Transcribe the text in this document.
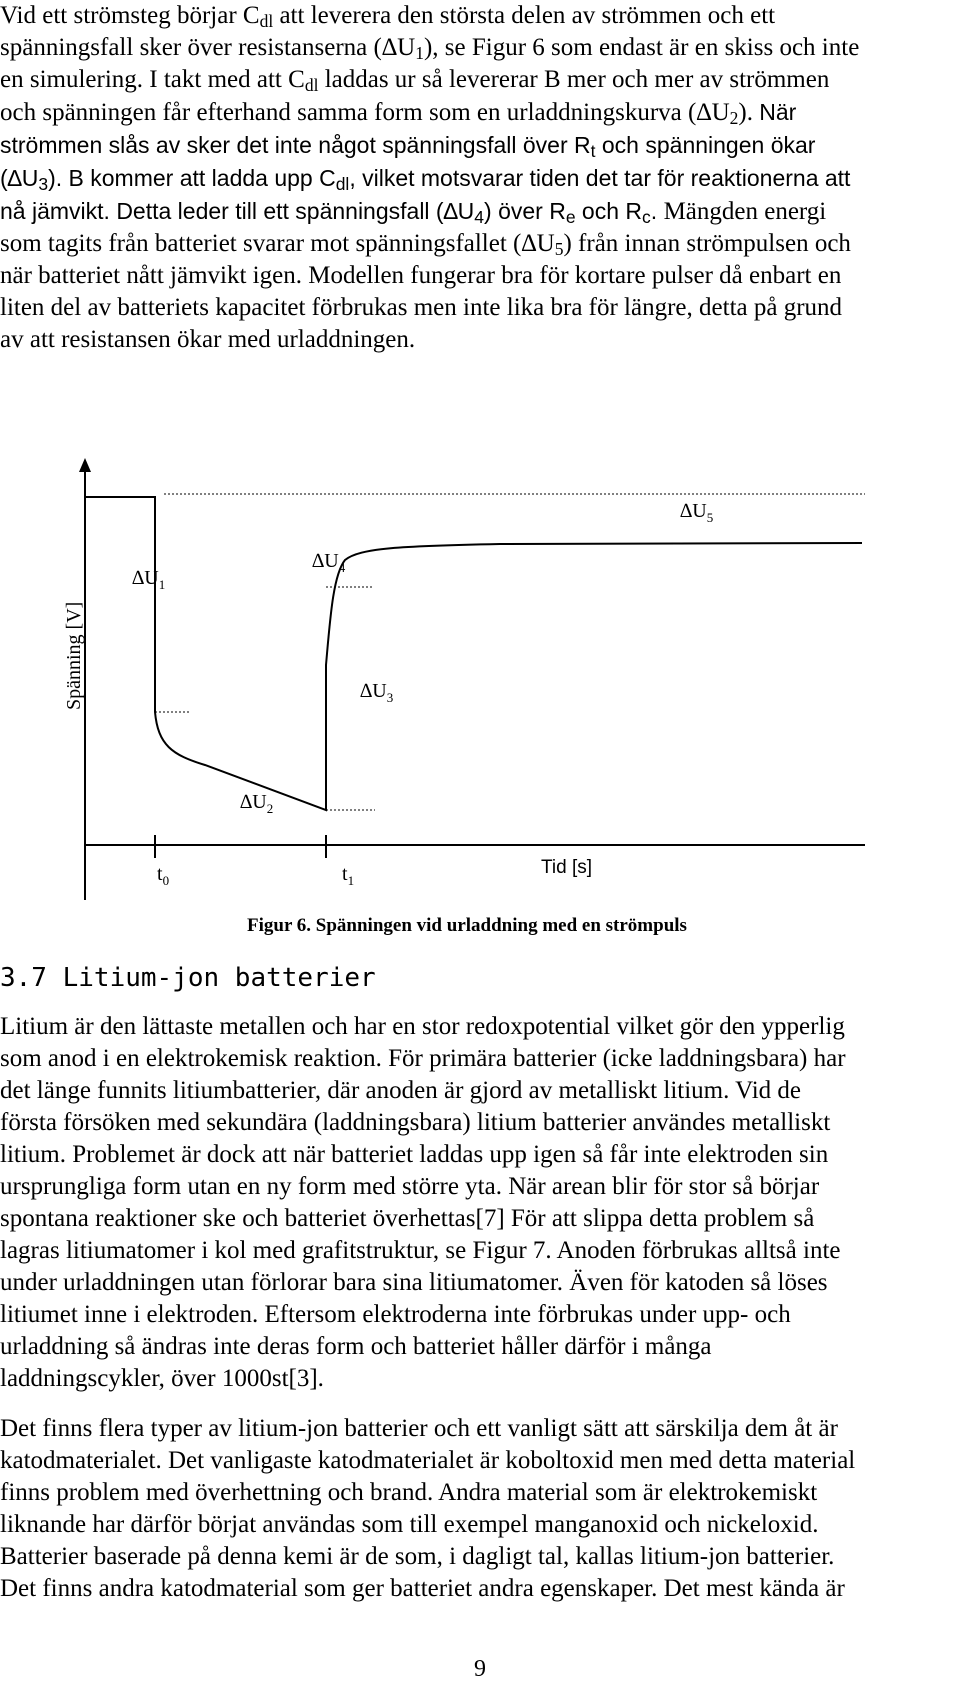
Vid ett strömsteg börjar $C_{dl}$ att leverera den största delen av strömmen och ett
spänningsfall sker över resistanserna $(\Delta U_1)$, se Figur 6 som endast är en skiss och inte
en simulering. I takt med att $C_{dl}$ laddas ur så levererar B mer och mer av strömmen
och spänningen får efterhand samma form som en urladdningskurva $(\Delta U_2)$. När
strömmen slås av sker det inte något spänningsfall över $R_t$ och spänningen ökar
$(\Delta U_3)$. B kommer att ladda upp $C_{dl}$, vilket motsvarar tiden det tar för reaktionerna att
nå jämvikt. Detta leder till ett spänningsfall $(\Delta U_4)$ över $R_e$ och $R_c$. Mängden energi
som tagits från batteriet svarar mot spänningsfallet $(\Delta U_5)$ från innan strömpulsen och
när batteriet nått jämvikt igen. Modellen fungerar bra för kortare pulser då enbart en
liten del av batteriets kapacitet förbrukas men inte lika bra för längre, detta på grund
av att resistansen ökar med urladdningen.
Spänning [V]
Tid [s]
$\Delta U_1$
$\Delta U_2$
$\Delta U_3$
$\Delta U_4$
$\Delta U_5$
$t_0$	$t_1$
Figur 6. Spänningen vid urladdning med en strömpuls
3.7 Litium-jon batterier
Litium är den lättaste metallen och har en stor redoxpotential vilket gör den ypperlig
som anod i en elektrokemisk reaktion. För primära batterier (icke laddningsbara) har
det länge funnits litiumbatterier, där anoden är gjord av metalliskt litium. Vid de
första försöken med sekundära (laddningsbara) litium batterier användes metalliskt
litium. Problemet är dock att när batteriet laddas upp igen så får inte elektroden sin
ursprungliga form utan en ny form med större yta. När arean blir för stor så börjar
spontana reaktioner ske och batteriet överhettas[7] För att slippa detta problem så
lagras litiumatomer i kol med grafitstruktur, se Figur 7. Anoden förbrukas alltså inte
under urladdningen utan förlorar bara sina litiumatomer. Även för katoden så löses
litiumet inne i elektroden. Eftersom elektroderna inte förbrukas under upp- och
urladdning så ändras inte deras form och batteriet håller därför i många
laddningscykler, över 1000st[3].
Det finns flera typer av litium-jon batterier och ett vanligt sätt att särskilja dem åt är
katodmaterialet. Det vanligaste katodmaterialet är koboltoxid men med detta material
finns problem med överhettning och brand. Andra material som är elektrokemiskt
liknande har därför börjat användas som till exempel manganoxid och nickeloxid.
Batterier baserade på denna kemi är de som, i dagligt tal, kallas litium-jon batterier.
Det finns andra katodmaterial som ger batteriet andra egenskaper. Det mest kända är
9
